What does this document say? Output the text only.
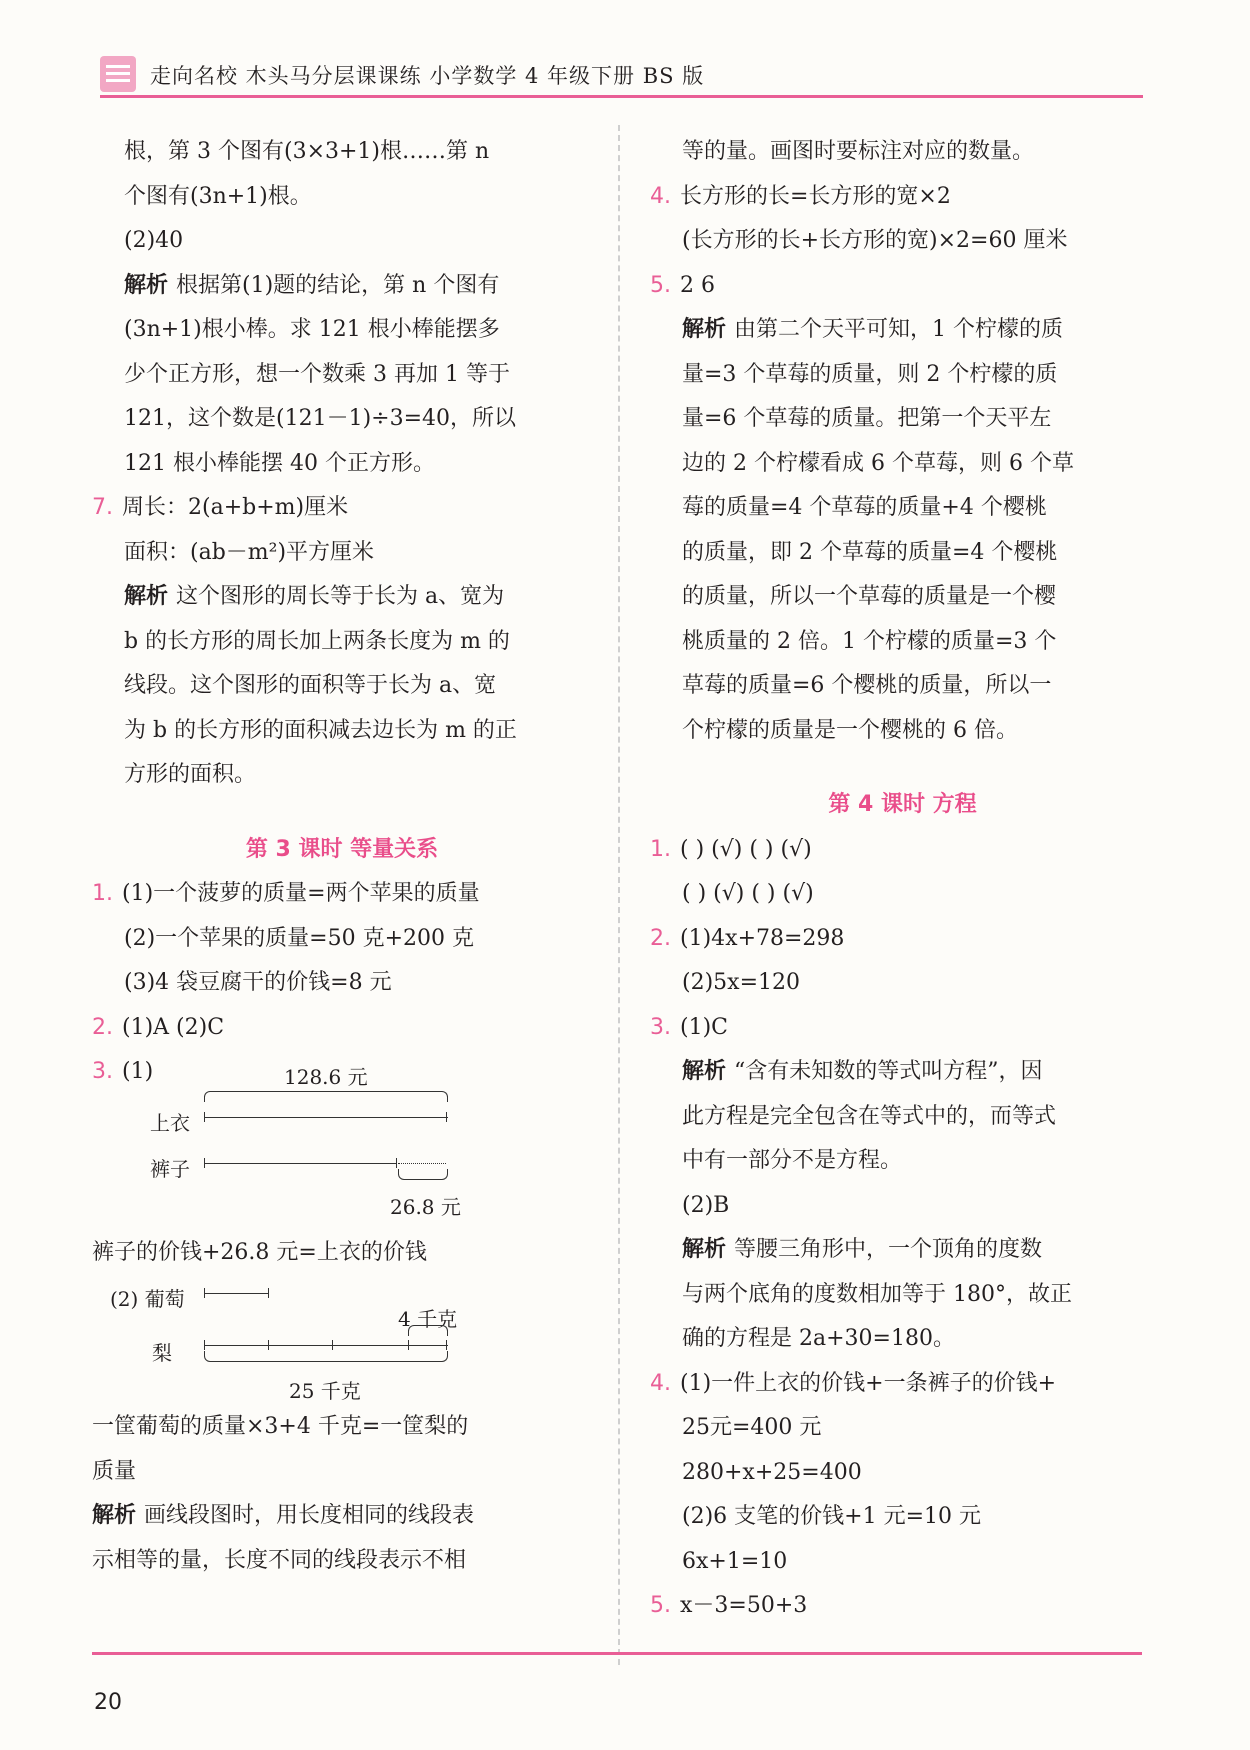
走向名校 木头马分层课课练 小学数学 4 年级下册 BS 版
根，第 3 个图有(3×3+1)根……第 n
个图有(3n+1)根。
(2)40
解析 根据第(1)题的结论，第 n 个图有
(3n+1)根小棒。求 121 根小棒能摆多
少个正方形，想一个数乘 3 再加 1 等于
121，这个数是(121－1)÷3=40，所以
121 根小棒能摆 40 个正方形。
7. 周长：2(a+b+m)厘米
面积：(ab－m²)平方厘米
解析 这个图形的周长等于长为 a、宽为
b 的长方形的周长加上两条长度为 m 的
线段。这个图形的面积等于长为 a、宽
为 b 的长方形的面积减去边长为 m 的正
方形的面积。
第 3 课时 等量关系
1. (1)一个菠萝的质量=两个苹果的质量
(2)一个苹果的质量=50 克+200 克
(3)4 袋豆腐干的价钱=8 元
2. (1)A (2)C
3. (1)	128.6 元
上衣
裤子
26.8 元
裤子的价钱+26.8 元=上衣的价钱
(2) 葡萄
4 千克
梨
25 千克
一筐葡萄的质量×3+4 千克=一筐梨的
质量
解析 画线段图时，用长度相同的线段表
示相等的量，长度不同的线段表示不相
等的量。画图时要标注对应的数量。
4. 长方形的长=长方形的宽×2
(长方形的长+长方形的宽)×2=60 厘米
5. 2 6
解析 由第二个天平可知，1 个柠檬的质
量=3 个草莓的质量，则 2 个柠檬的质
量=6 个草莓的质量。把第一个天平左
边的 2 个柠檬看成 6 个草莓，则 6 个草
莓的质量=4 个草莓的质量+4 个樱桃
的质量，即 2 个草莓的质量=4 个樱桃
的质量，所以一个草莓的质量是一个樱
桃质量的 2 倍。1 个柠檬的质量=3 个
草莓的质量=6 个樱桃的质量，所以一
个柠檬的质量是一个樱桃的 6 倍。
第 4 课时 方程
1. ( ) (√) ( ) (√)
( ) (√) ( ) (√)
2. (1)4x+78=298
(2)5x=120
3. (1)C
解析 “含有未知数的等式叫方程”，因
此方程是完全包含在等式中的，而等式
中有一部分不是方程。
(2)B
解析 等腰三角形中，一个顶角的度数
与两个底角的度数相加等于 180°，故正
确的方程是 2a+30=180。
4. (1)一件上衣的价钱+一条裤子的价钱+
25元=400 元
280+x+25=400
(2)6 支笔的价钱+1 元=10 元
6x+1=10
5. x－3=50+3
20
